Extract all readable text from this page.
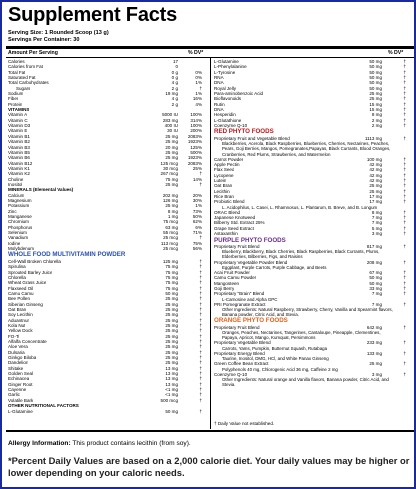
Supplement Facts
Serving Size: 1 Rounded Scoop (13 g)
Servings Per Container: 30
Amount Per Serving	% DV*	% DV*
Calories	17
Calories from Fat	0
Total Fat	0 g	0%
Saturated Fat	0 g	0%
Total Carbohydrates	4 g	1%
Sugars	2 g	†
Sodium	19 mg	1%
Fiber	4 g	16%
Protein	2 g	4%
VITAMINS
Vitamin A	5000 IU	100%
Vitamin C	283 mg	314%
Vitamin D3	400 IU	100%
Vitamin E	30 IU	200%
Vitamin B1	25 mg 2083%
Vitamin B2	25 mg 1923%
Vitamin B3	20 mg	125%
Vitamin B5	25 mg	500%
Vitamin B6	25 mg 1923%
Vitamin B12	125 mcg 2083%
Vitamin K1	30 mcg	25%
Vitamin K2	267 mcg	†
Choline	75 mg	14%
Inositol	25 mg	†
MINERALS (Elemental Values)
Calcium	202 mg	20%
Magnesium	126 mg	30%
Potassium	25 mg	1%
Zinc	8 mg	73%
Manganese	1 mg	50%
Chromium	75 mcg	62%
Phosphorus	63 mg	6%
Selenium	55 mcg	71%
Vanadium	25 mcg	†
Iodine	113 mcg	75%
Molybdenum	25 mcg	56%
WHOLE FOOD MULTIVITAMIN POWDER
Cell-Wall Broken Chlorella	125 mg	†
Spirulina	75 mg	†
Sprouted Barley Juice	75 mg	†
Chlorella	75 mg	†
Wheat Grass Juice	75 mg	†
Flaxseed Oil	75 mg	†
Camu Camu	50 mg	†
Bee Pollen	25 mg	†
Siberian Ginseng	25 mg	†
Oat Bran	25 mg	†
Soy Lecithin	25 mg	†
Aduantnur	25 mg	†
Kola Nut	25 mg	†
Yellow Dock	25 mg	†
FO-Ti	25 mg	†
Alfalfa Concentrate	25 mg	†
Aloe Vera	25 mg	†
Dulsaria	25 mg	†
Ginkgo Biloba	25 mg	†
Dandelion	25 mg	†
Shitake	13 mg	†
Golden Seal	13 mg	†
Echinacea	13 mg	†
Ginger Root	13 mg	†
Cayenne	<1 mg	†
Garlic	<1 mg	†
Volatile Bark	500 mcg	†
OTHER NUTRITIONAL FACTORS
L-Glutamine	50 mg	†
L-Glutamine	50 mg	†
L-Phenylalanine	50 mg	†
L-Tyrosine	50 mg	†
RNA	50 mg	†
DNA	50 mg	†
Royal Jelly	50 mg	†
Para-aminobenzoic Acid	25 mg	†
Bioflavonoids	25 mg	†
Rutin	15 mg	†
DNA	15 mg	†
Hesperidin	8 mg	†
L-Glutathione	2 mg	†
Coenzyme Q-10	2 mg	†
RED PHYTO FOODS
Proprietary Fruit and Vegetable Blend	1113 mg	†
Blackberries, Acerola, Black Raspberries, Blueberries, Cherries, Nectarines, Peaches, Pears, Goji Berries, Mangos, Pomegranates,Papayas, Black Currants, Blood Oranges, Cranberries, Red Plums, Strawberries, and Watermelon
Carrot Powder	100 mg	†
Apple Pectin	42 mg	†
Flax Seed	42 mg	†
Lycopene	42 mg	†
Lutein	42 mg	†
Oat Bran	25 mg	†
Lecithin	25 mg	†
Rice Bran	17 mg	†
Probiotic Blend	17 mg	†
L. Acidophilus, L. Casei, L. Rhamnosus, L. Plantarum, B. Breve, and B. Longum
ORAC Blend	8 mg	†
Japanese Knotweed	7 mg	†
Bilberry Std. Extract 25%	7 mg	†
Grape Seed Extract	5 mg	†
Astaxanthin	3 mg	†
PURPLE PHYTO FOODS
Proprietary Fruit Blend	817 mg	†
Blueberry, Blackberry, Black Cherries, Black Raspberries, Black Currants, Plums, Elderberries, Bilberries, Figs, and Raisins
Proprietary Vegetable Powder Blend	208 mg	†
Eggplant, Purple Carrots, Purple Cabbage, and Beets
Acai Fruit Powder	67 mg	†
Camu Camu Powder	50 mg	†
Mangosteen	50 mg	†
Goji Berry	33 mg	†
Proprietary "Brain" Blend	7 mg	†
L-Carnosine and Alpha GPC
PRI Pomegranate Extract	7 mg	†
Other Ingredients: Natural Raspberry, Strawberry, Cherry, Vanilla and Spearmint flavors, Banana powder, Citric Acid, and Stevia.
ORANGE PHYTO FOODS
Proprietary Fruit Blend	642 mg	†
Oranges, Peaches, Nectarines, Tangerines, Cantaloupe, Pineapple, Clementines, Papaya, Apricot, Mango, Kumquat, Persimmons
Proprietary Vegetable Blend	233 mg	†
Carrots, Yams, Pumpkin, Butternut Squash, Rutabaga
Proprietary Energy Blend	133 mg	†
Taurine, Inositol, DMG, HCl, and White Panax Ginseng
Green Coffee Bean Extract	25 mg	†
Polyphenols 40 mg, Chlorogenic Acid 36 mg, Caffeine 2 mg
Coenzyme Q-10	3 mg	†
Other Ingredients: Natural orange and Vanilla flavors, Banana powder, Citric Acid, and Stevia.
† Daily Value not established.
Allergy Information: This product contains lecithin (from soy).
*Percent Daily Values are based on a 2,000 calorie diet. Your daily values may be higher or lower depending on your caloric needs.
